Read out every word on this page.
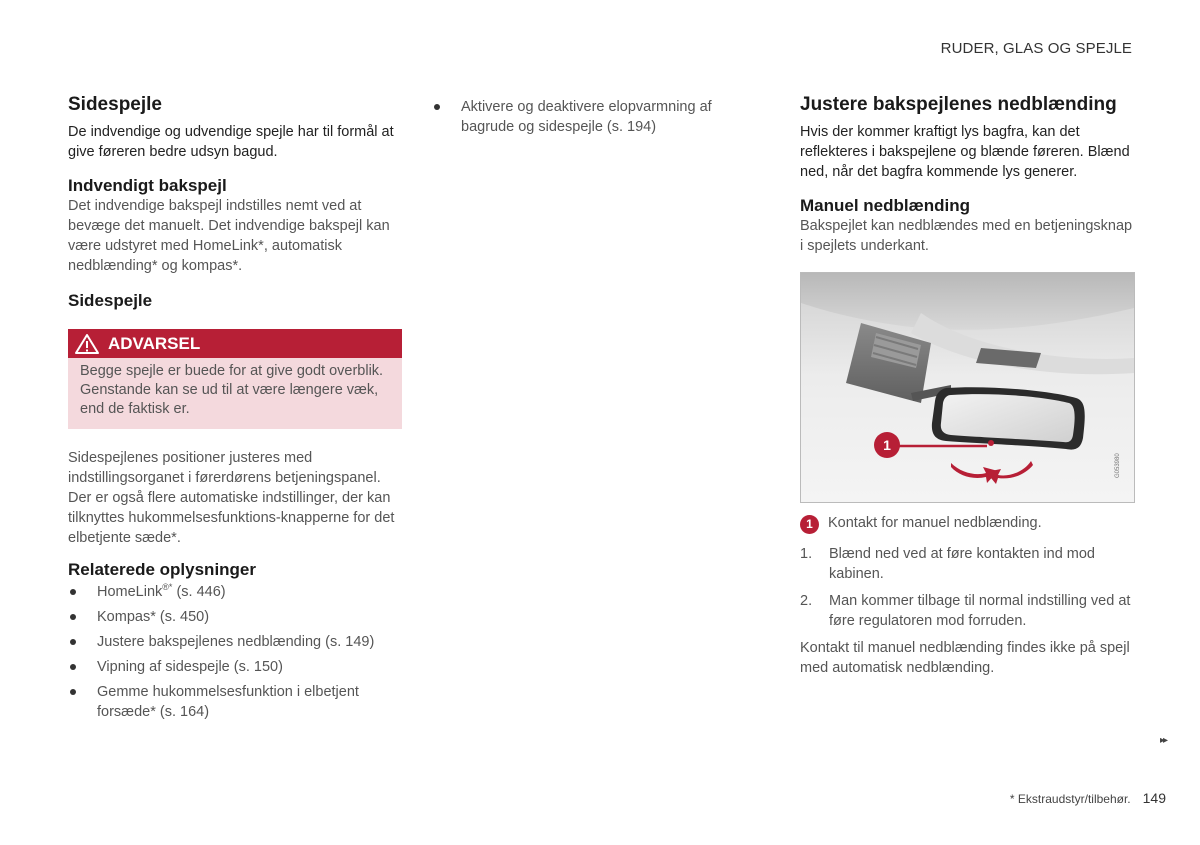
RUDER, GLAS OG SPEJLE
Sidespejle

De indvendige og udvendige spejle har til formål at give føreren bedre udsyn bagud.

Indvendigt bakspejl

Det indvendige bakspejl indstilles nemt ved at bevæge det manuelt. Det indvendige bakspejl kan være udstyret med HomeLink*, automatisk nedblænding* og kompas*.

Sidespejle
ADVARSEL
Begge spejle er buede for at give godt overblik. Genstande kan se ud til at være længere væk, end de faktisk er.

Sidespejlenes positioner justeres med indstillingsorganet i førerdørens betjeningspanel. Der er også flere automatiske indstillinger, der kan tilknyttes hukommelsesfunktions-knapperne for det elbetjente sæde*.

Relaterede oplysninger
HomeLink®* (s. 446)
Kompas* (s. 450)
Justere bakspejlenes nedblænding (s. 149)
Vipning af sidespejle (s. 150)
Gemme hukommelsesfunktion i elbetjent forsæde* (s. 164)
Aktivere og deaktivere elopvarmning af bagrude og sidespejle (s. 194)
Justere bakspejlenes nedblænding

Hvis der kommer kraftigt lys bagfra, kan det reflekteres i bakspejlene og blænde føreren. Blænd ned, når det bagfra kommende lys generer.

Manuel nedblænding

Bakspejlet kan nedblændes med en betjeningsknap i spejlets underkant.

1
G053980
1	Kontakt for manuel nedblænding.
1.	Blænd ned ved at føre kontakten ind mod kabinen.
2.	Man kommer tilbage til normal indstilling ved at føre regulatoren mod forruden.

Kontakt til manuel nedblænding findes ikke på spejl med automatisk nedblænding.

▸▸
* Ekstraudstyr/tilbehør. 149
